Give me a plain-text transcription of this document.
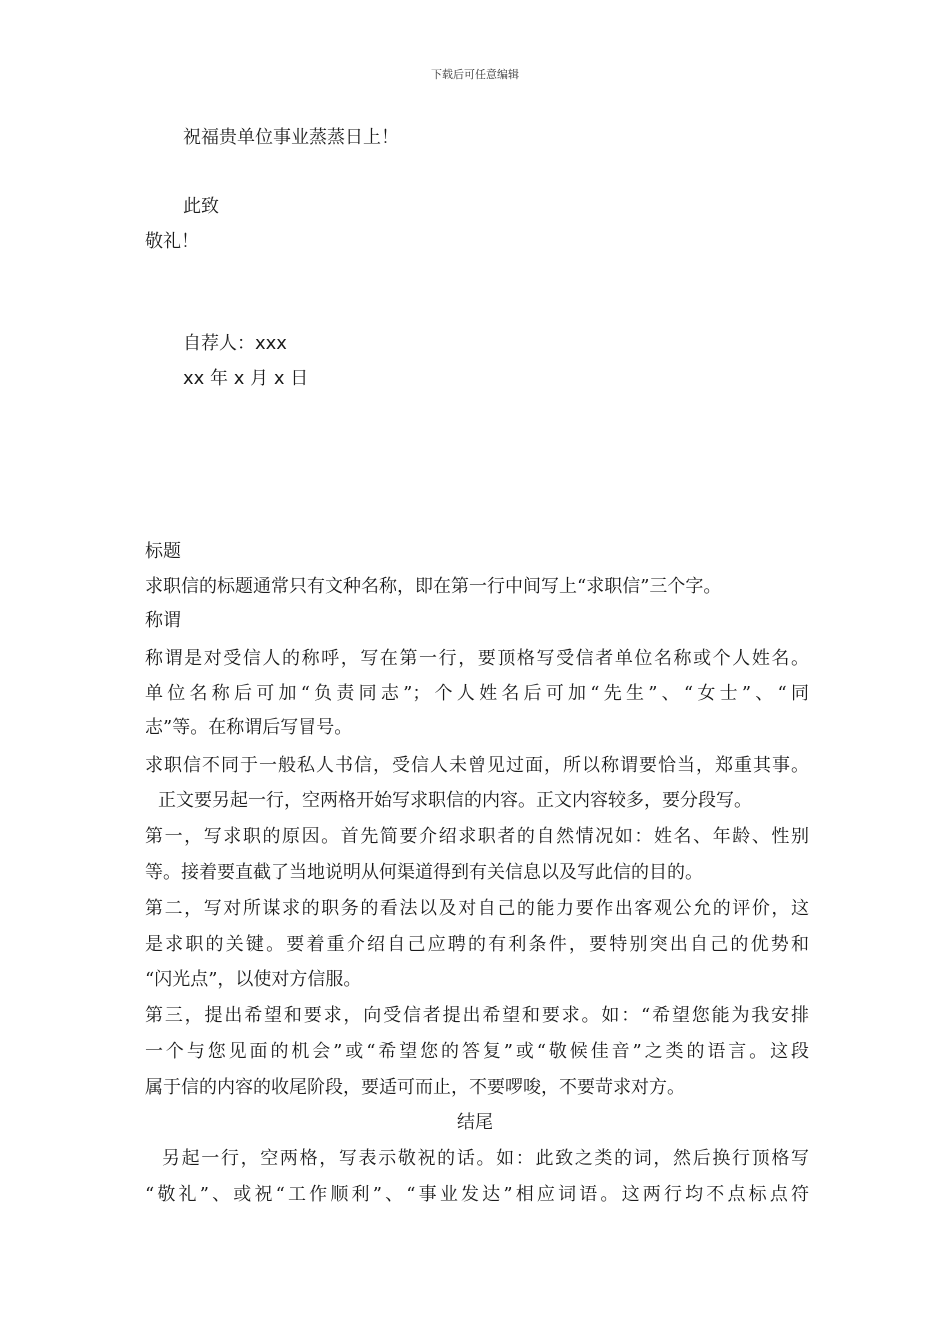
下载后可任意编辑
祝福贵单位事业蒸蒸日上！
此致
敬礼！
自荐人：xxx
xx 年 x 月 x 日
标题
求职信的标题通常只有文种名称，即在第一行中间写上“求职信”三个字。
称谓
称谓是对受信人的称呼，写在第一行，要顶格写受信者单位名称或个人姓名。
单位名称后可加“负责同志”；个人姓名后可加“先生”、“女士”、“同
志”等。在称谓后写冒号。
求职信不同于一般私人书信，受信人未曾见过面，所以称谓要恰当，郑重其事。
正文要另起一行，空两格开始写求职信的内容。正文内容较多，要分段写。
第一，写求职的原因。首先简要介绍求职者的自然情况如：姓名、年龄、性别
等。接着要直截了当地说明从何渠道得到有关信息以及写此信的目的。
第二，写对所谋求的职务的看法以及对自己的能力要作出客观公允的评价，这
是求职的关键。要着重介绍自己应聘的有利条件，要特别突出自己的优势和
“闪光点”，以使对方信服。
第三，提出希望和要求，向受信者提出希望和要求。如：“希望您能为我安排
一个与您见面的机会”或“希望您的答复”或“敬候佳音”之类的语言。这段
属于信的内容的收尾阶段，要适可而止，不要啰唆，不要苛求对方。
结尾
另起一行，空两格，写表示敬祝的话。如：此致之类的词，然后换行顶格写
“敬礼”、或祝“工作顺利”、“事业发达”相应词语。这两行均不点标点符
